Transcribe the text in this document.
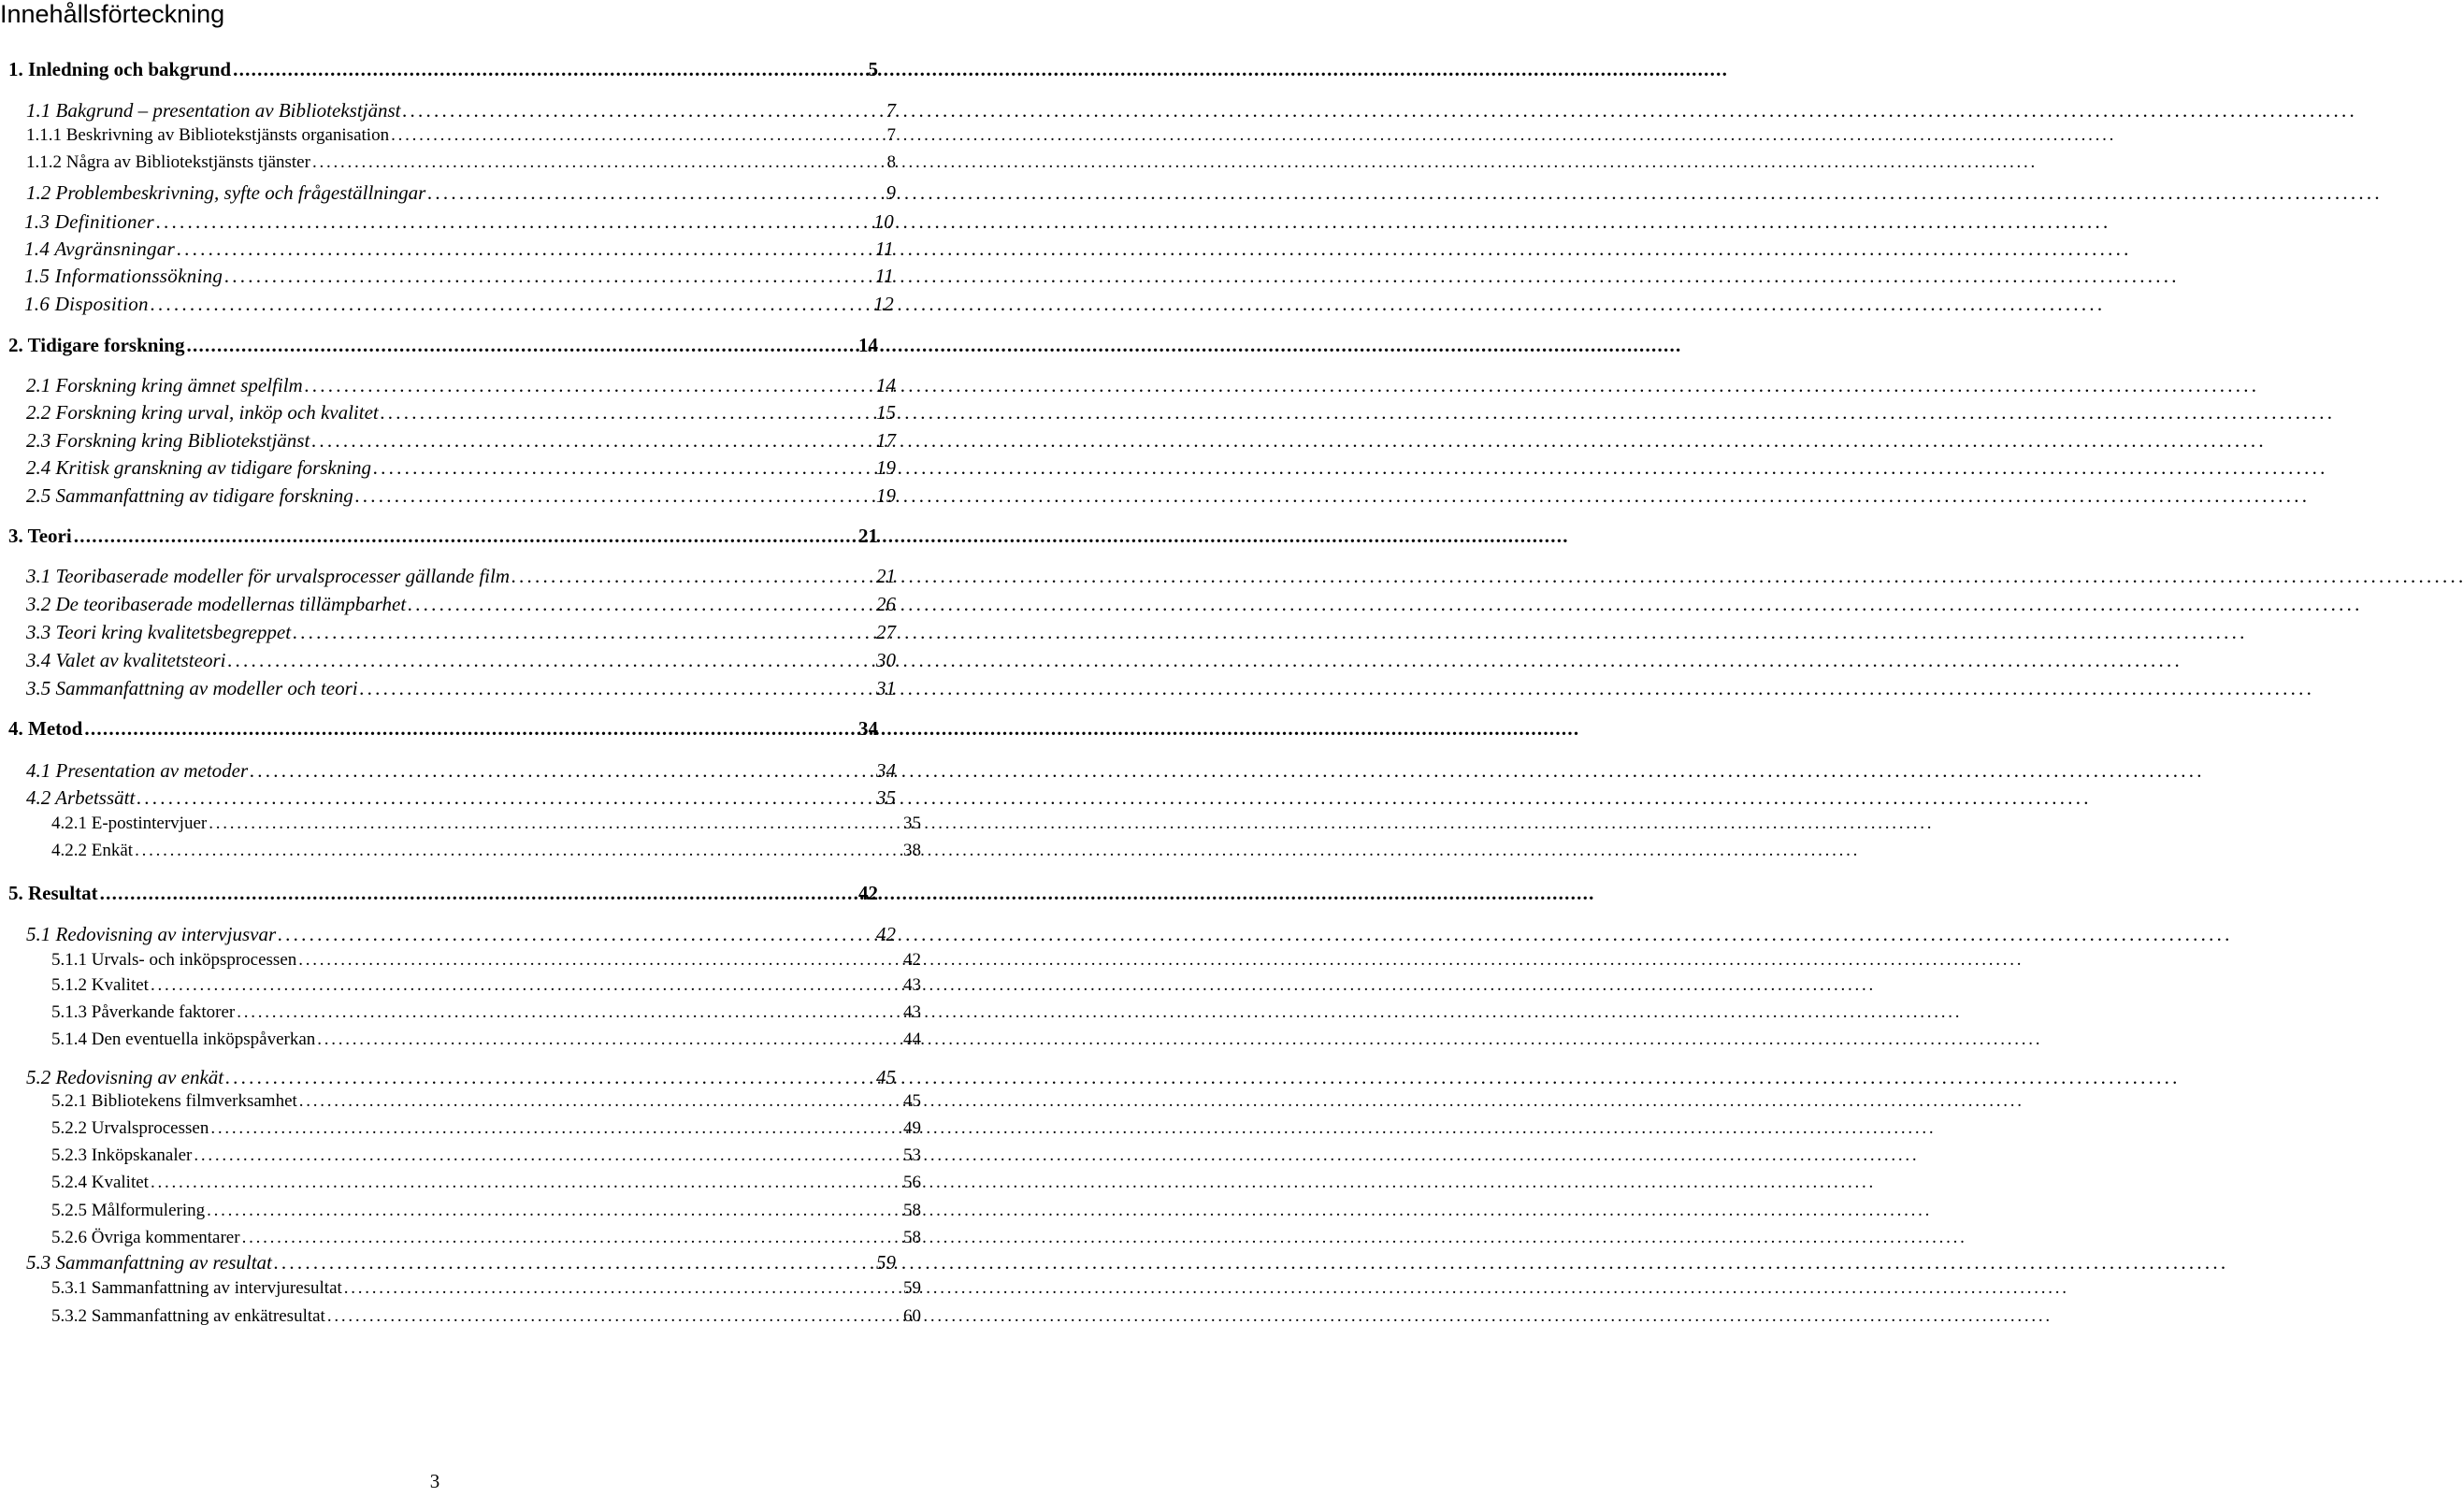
Innehållsförteckning
1. Inledning och bakgrund . . .	5
1.1 Bakgrund – presentation av Bibliotekstjänst . . .	7
1.1.1 Beskrivning av Bibliotekstjänsts organisation . . .	7
1.1.2 Några av Bibliotekstjänsts tjänster . . .	8
1.2 Problembeskrivning, syfte och frågeställningar . . .	9
1.3 Definitioner . . .	10
1.4 Avgränsningar . . .	11
1.5 Informationssökning . . .	11
1.6 Disposition . . .	12
2. Tidigare forskning . . .	14
2.1 Forskning kring ämnet spelfilm . . .	14
2.2 Forskning kring urval, inköp och kvalitet . . .	15
2.3 Forskning kring Bibliotekstjänst . . .	17
2.4 Kritisk granskning av tidigare forskning . . .	19
2.5 Sammanfattning av tidigare forskning . . .	19
3. Teori . . .	21
3.1 Teoribaserade modeller för urvalsprocesser gällande film . . .	21
3.2 De teoribaserade modellernas tillämpbarhet . . .	26
3.3 Teori kring kvalitetsbegreppet . . .	27
3.4 Valet av kvalitetsteori . . .	30
3.5 Sammanfattning av modeller och teori . . .	31
4. Metod . . .	34
4.1 Presentation av metoder . . .	34
4.2 Arbetssätt . . .	35
4.2.1 E-postintervjuer . . .	35
4.2.2 Enkät . . .	38
5. Resultat . . .	42
5.1 Redovisning av intervjusvar . . .	42
5.1.1 Urvals- och inköpsprocessen . . .	42
5.1.2 Kvalitet . . .	43
5.1.3 Påverkande faktorer . . .	43
5.1.4 Den eventuella inköpspåverkan . . .	44
5.2 Redovisning av enkät . . .	45
5.2.1 Bibliotekens filmverksamhet . . .	45
5.2.2 Urvalsprocessen . . .	49
5.2.3 Inköpskanaler . . .	53
5.2.4 Kvalitet . . .	56
5.2.5 Målformulering . . .	58
5.2.6 Övriga kommentarer . . .	58
5.3 Sammanfattning av resultat . . .	59
5.3.1 Sammanfattning av intervjuresultat . . .	59
5.3.2 Sammanfattning av enkätresultat . . .	60
3
